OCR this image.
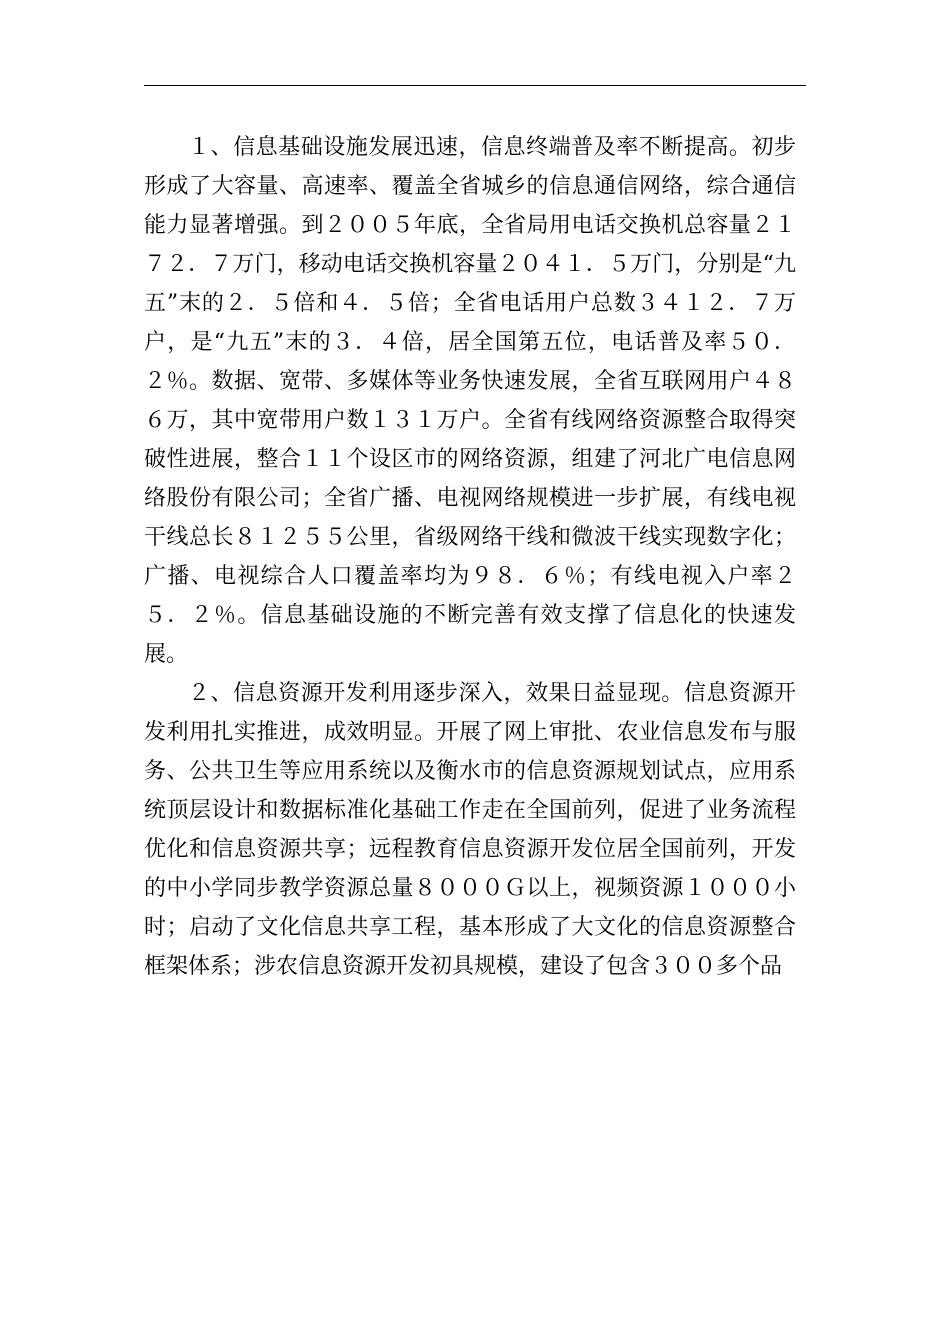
１、信息基础设施发展迅速，信息终端普及率不断提高。初步形成了大容量、高速率、覆盖全省城乡的信息通信网络，综合通信能力显著增强。到２００５年底，全省局用电话交换机总容量２１７２．７万门，移动电话交换机容量２０４１．５万门，分别是“九五”末的２．５倍和４．５倍；全省电话用户总数３４１２．７万户，是“九五”末的３．４倍，居全国第五位，电话普及率５０．２％。数据、宽带、多媒体等业务快速发展，全省互联网用户４８６万，其中宽带用户数１３１万户。全省有线网络资源整合取得突破性进展，整合１１个设区市的网络资源，组建了河北广电信息网络股份有限公司；全省广播、电视网络规模进一步扩展，有线电视干线总长８１２５５公里，省级网络干线和微波干线实现数字化；广播、电视综合人口覆盖率均为９８．６％；有线电视入户率２５．２％。信息基础设施的不断完善有效支撑了信息化的快速发展。

２、信息资源开发利用逐步深入，效果日益显现。信息资源开发利用扎实推进，成效明显。开展了网上审批、农业信息发布与服务、公共卫生等应用系统以及衡水市的信息资源规划试点，应用系统顶层设计和数据标准化基础工作走在全国前列，促进了业务流程优化和信息资源共享；远程教育信息资源开发位居全国前列，开发的中小学同步教学资源总量８０００Ｇ以上，视频资源１０００小时；启动了文化信息共享工程，基本形成了大文化的信息资源整合框架体系；涉农信息资源开发初具规模，建设了包含３００多个品
